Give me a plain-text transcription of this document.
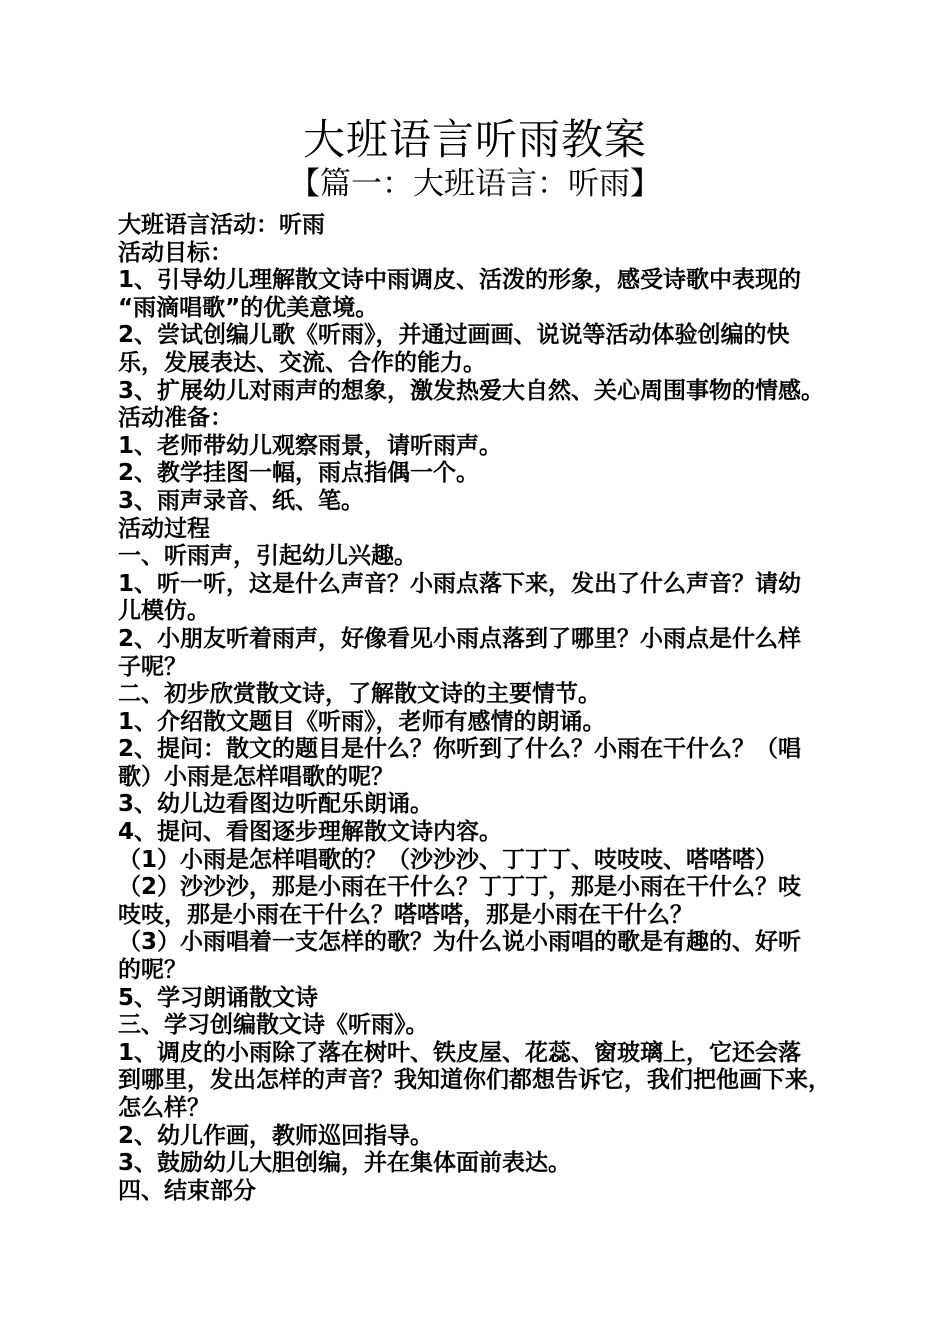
大班语言听雨教案
【篇一：大班语言：听雨】
大班语言活动：听雨
活动目标：
1、引导幼儿理解散文诗中雨调皮、活泼的形象，感受诗歌中表现的
“雨滴唱歌”的优美意境。
2、尝试创编儿歌《听雨》，并通过画画、说说等活动体验创编的快
乐，发展表达、交流、合作的能力。
3、扩展幼儿对雨声的想象，激发热爱大自然、关心周围事物的情感。
活动准备：
1、老师带幼儿观察雨景，请听雨声。
2、教学挂图一幅，雨点指偶一个。
3、雨声录音、纸、笔。
活动过程
一、听雨声，引起幼儿兴趣。
1、听一听，这是什么声音？小雨点落下来，发出了什么声音？请幼
儿模仿。
2、小朋友听着雨声，好像看见小雨点落到了哪里？小雨点是什么样
子呢？
二、初步欣赏散文诗，了解散文诗的主要情节。
1、介绍散文题目《听雨》，老师有感情的朗诵。
2、提问：散文的题目是什么？你听到了什么？小雨在干什么？（唱
歌）小雨是怎样唱歌的呢？
3、幼儿边看图边听配乐朗诵。
4、提问、看图逐步理解散文诗内容。
（1）小雨是怎样唱歌的？（沙沙沙、丁丁丁、吱吱吱、嗒嗒嗒）
（2）沙沙沙，那是小雨在干什么？丁丁丁，那是小雨在干什么？吱
吱吱，那是小雨在干什么？嗒嗒嗒，那是小雨在干什么？
（3）小雨唱着一支怎样的歌？为什么说小雨唱的歌是有趣的、好听
的呢？
5、学习朗诵散文诗
三、学习创编散文诗《听雨》。
1、调皮的小雨除了落在树叶、铁皮屋、花蕊、窗玻璃上，它还会落
到哪里，发出怎样的声音？我知道你们都想告诉它，我们把他画下来，
怎么样？
2、幼儿作画，教师巡回指导。
3、鼓励幼儿大胆创编，并在集体面前表达。
四、结束部分
